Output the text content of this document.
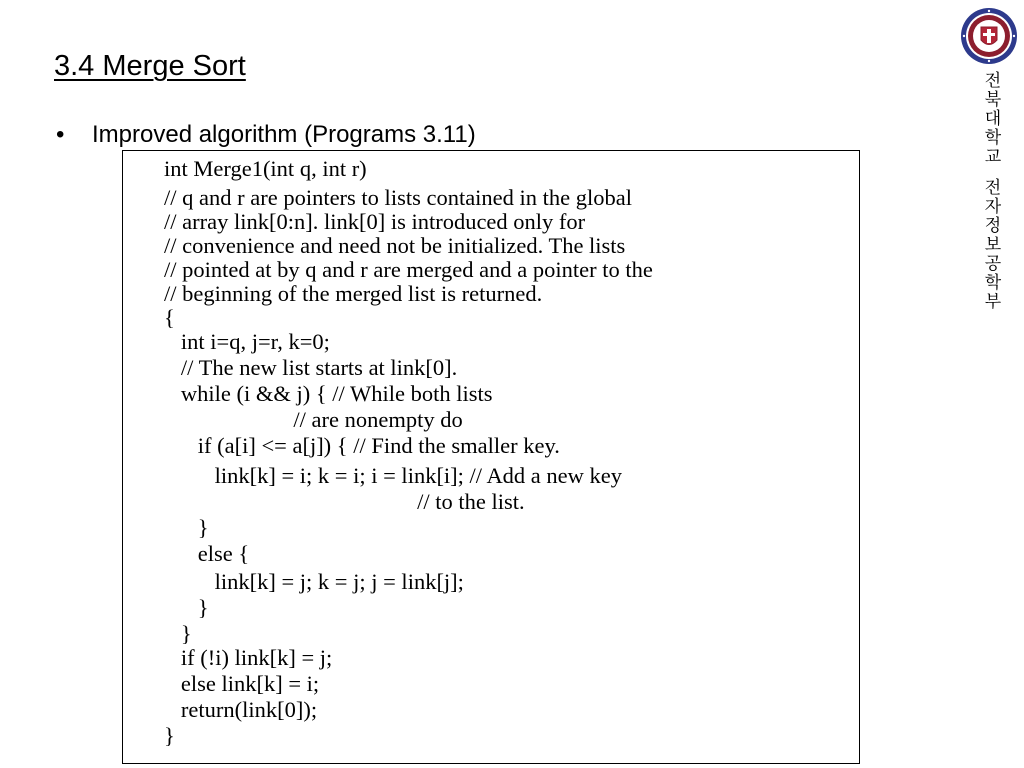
3.4 Merge Sort
• Improved algorithm (Programs 3.11)
전
북
대
학
교
전
자
정
보
공
학
부
int Merge1(int q, int r)
// q and r are pointers to lists contained in the global
// array link[0:n]. link[0] is introduced only for
// convenience and need not be initialized. The lists
// pointed at by q and r are merged and a pointer to the
// beginning of the merged list is returned.
{
int i=q, j=r, k=0;
// The new list starts at link[0].
while (i && j) { // While both lists
// are nonempty do
if (a[i] <= a[j]) { // Find the smaller key.
link[k] = i; k = i; i = link[i]; // Add a new key
// to the list.
}
else {
link[k] = j; k = j; j = link[j];
}
}
if (!i) link[k] = j;
else link[k] = i;
return(link[0]);
}
